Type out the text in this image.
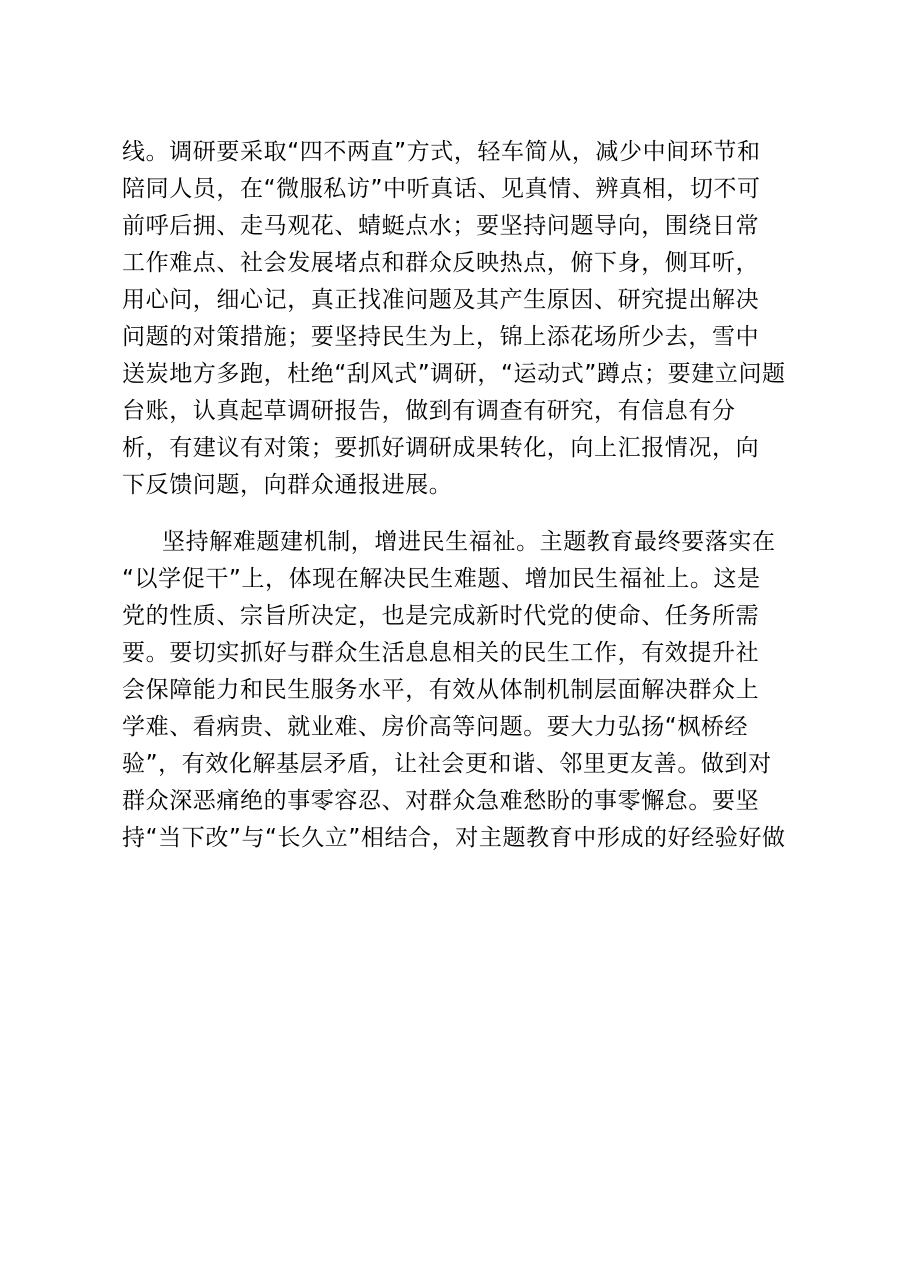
线。调研要采取“四不两直”方式，轻车简从，减少中间环节和
陪同人员，在“微服私访”中听真话、见真情、辨真相，切不可
前呼后拥、走马观花、蜻蜓点水；要坚持问题导向，围绕日常
工作难点、社会发展堵点和群众反映热点，俯下身，侧耳听，
用心问，细心记，真正找准问题及其产生原因、研究提出解决
问题的对策措施；要坚持民生为上，锦上添花场所少去，雪中
送炭地方多跑，杜绝“刮风式”调研，“运动式”蹲点；要建立问题
台账，认真起草调研报告，做到有调查有研究，有信息有分
析，有建议有对策；要抓好调研成果转化，向上汇报情况，向
下反馈问题，向群众通报进展。
坚持解难题建机制，增进民生福祉。主题教育最终要落实在
“以学促干”上，体现在解决民生难题、增加民生福祉上。这是
党的性质、宗旨所决定，也是完成新时代党的使命、任务所需
要。要切实抓好与群众生活息息相关的民生工作，有效提升社
会保障能力和民生服务水平，有效从体制机制层面解决群众上
学难、看病贵、就业难、房价高等问题。要大力弘扬“枫桥经
验”，有效化解基层矛盾，让社会更和谐、邻里更友善。做到对
群众深恶痛绝的事零容忍、对群众急难愁盼的事零懈怠。要坚
持“当下改”与“长久立”相结合，对主题教育中形成的好经验好做
